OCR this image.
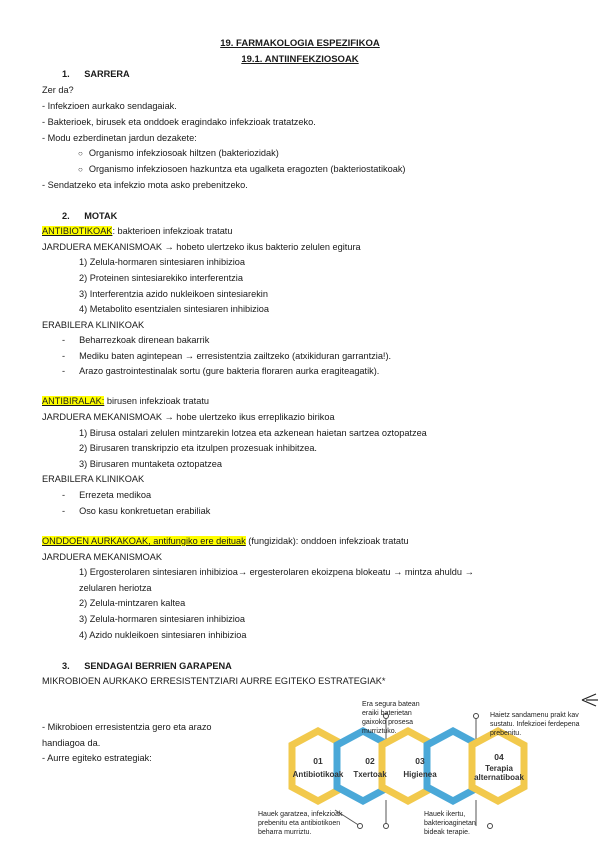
19. FARMAKOLOGIA ESPEZIFIKOA
19.1. ANTIINFEKZIOSOAK
1. SARRERA
Zer da?
- Infekzioen aurkako sendagaiak.
- Bakterioek, birusek eta onddoek eragindako infekzioak tratatzeko.
- Modu ezberdinetan jardun dezakete:
○ Organismo infekziosoak hiltzen (bakteriozidak)
○ Organismo infekziosoen hazkuntza eta ugalketa eragozten (bakteriostatikoak)
- Sendatzeko eta infekzio mota asko prebenitzeko.
2. MOTAK
ANTIBIOTIKOAK: bakterioen infekzioak tratatu
JARDUERA MEKANISMOAK → hobeto ulertzeko ikus bakterio zelulen egitura
1) Zelula-hormaren sintesiaren inhibizioa
2) Proteinen sintesiarekiko interferentzia
3) Interferentzia azido nukleikoen sintesiarekin
4) Metabolito esentzialen sintesiaren inhibizioa
ERABILERA KLINIKOAK
- Beharrezkoak direnean bakarrik
- Mediku baten agintepean → erresistentzia zailtzeko (atxikiduran garrantzia!).
- Arazo gastrointestinalak sortu (gure bakteria floraren aurka eragiteagatik).
ANTIBIRALAK: birusen infekzioak tratatu
JARDUERA MEKANISMOAK → hobe ulertzeko ikus erreplikazio birikoa
1) Birusa ostalari zelulen mintzarekin lotzea eta azkenean haietan sartzea oztopatzea
2) Birusaren transkripzio eta itzulpen prozesuak inhibitzea.
3) Birusaren muntaketa oztopatzea
ERABILERA KLINIKOAK
- Errezeta medikoa
- Oso kasu konkretuetan erabiliak
ONDDOEN AURKAKOAK, antifungiko ere deituak (fungizidak): onddoen infekzioak tratatu
JARDUERA MEKANISMOAK
1) Ergosterolaren sintesiaren inhibizioa→ ergesterolaren ekoizpena blokeatu → mintza ahuldu →
zelularen heriotza
2) Zelula-mintzaren kaltea
3) Zelula-hormaren sintesiaren inhibizioa
4) Azido nukleikoen sintesiaren inhibizioa
3. SENDAGAI BERRIEN GARAPENA
MIKROBIOEN AURKAKO ERRESISTENTZIARI AURRE EGITEKO ESTRATEGIAK*
- Mikrobioen erresistentzia gero eta arazo
handiagoa da.
- Aurre egiteko estrategiak:	01
Antibiotikoak
02
Txertoak
03
Higienea
04
Terapia alternatiboak
Era segura batean eraiki baterietan gaixoko prosesa murriztuko.
Haietz sandamenu prakt kav sustatu. Infekzioei ferdepena prebenitu.
Hauek garatzea, infekzioak prebenitu eta antibiotikoen beharra murriztu.
Hauek ikertu, bakterioaginetan bideak terapie.
